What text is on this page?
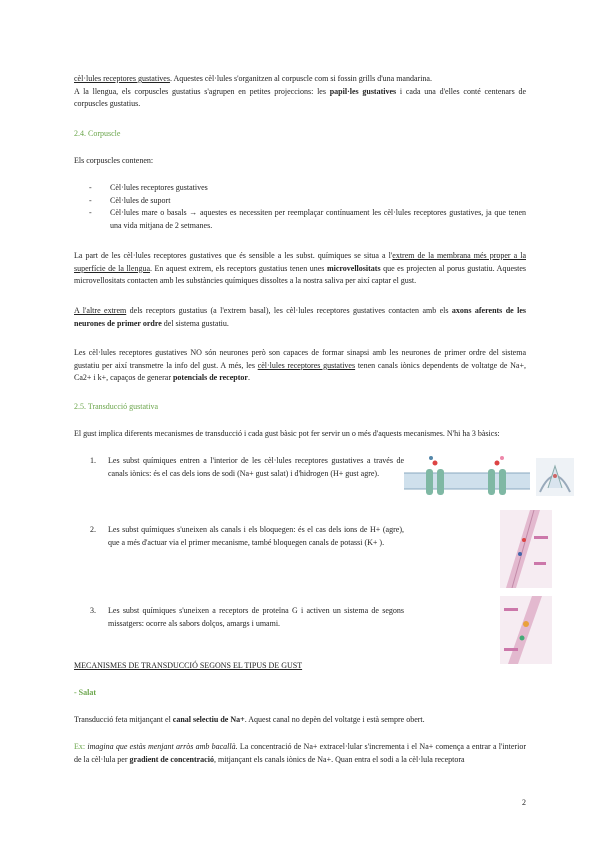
cèl·lules receptores gustatives. Aquestes cèl·lules s'organitzen al corpuscle com si fossin grills d'una mandarina.
A la llengua, els corpuscles gustatius s'agrupen en petites projeccions: les papil·les gustatives i cada una d'elles conté centenars de corpuscles gustatius.

2.4. Corpuscle

Els corpuscles contenen:

- Cèl·lules receptores gustatives
- Cèl·lules de suport
- Cèl·lules mare o basals → aquestes es necessiten per reemplaçar contínuament les cèl·lules receptores gustatives, ja que tenen una vida mitjana de 2 setmanes.

La part de les cèl·lules receptores gustatives que és sensible a les subst. químiques se situa a l'extrem de la membrana més proper a la superfície de la llengua. En aquest extrem, els receptors gustatius tenen unes microvellositats que es projecten al porus gustatiu. Aquestes microvellositats contacten amb les substàncies químiques dissoltes a la nostra saliva per així captar el gust.

A l'altre extrem dels receptors gustatius (a l'extrem basal), les cèl·lules receptores gustatives contacten amb els axons aferents de les neurones de primer ordre del sistema gustatiu.

Les cèl·lules receptores gustatives NO són neurones però son capaces de formar sinapsi amb les neurones de primer ordre del sistema gustatiu per així transmetre la info del gust. A més, les cèl·lules receptores gustatives tenen canals iònics dependents de voltatge de Na+, Ca2+ i k+, capaços de generar potencials de receptor.

2.5. Transducció gustativa

El gust implica diferents mecanismes de transducció i cada gust bàsic pot fer servir un o més d'aquests mecanismes. N'hi ha 3 bàsics:

1. Les subst químiques entren a l'interior de les cèl·lules receptores gustatives a través de canals iònics: és el cas dels ions de sodi (Na+ gust salat) i d'hidrogen (H+ gust agre).
2. Les subst químiques s'uneixen als canals i els bloquegen: és el cas dels ions de H+ (agre), que a més d'actuar via el primer mecanisme, també bloquegen canals de potassi (K+ ).
3. Les subst químiques s'uneixen a receptors de proteïna G i activen un sistema de segons missatgers: ocorre als sabors dolços, amargs i umami.

MECANISMES DE TRANSDUCCIÓ SEGONS EL TIPUS DE GUST

- Salat

Transducció feta mitjançant el canal selectiu de Na+. Aquest canal no depèn del voltatge i està sempre obert.

Ex: imagina que estàs menjant arròs amb bacallà. La concentració de Na+ extracel·lular s'incrementa i el Na+ comença a entrar a l'interior de la cèl·lula per gradient de concentració, mitjançant els canals iònics de Na+. Quan entra el sodi a la cèl·lula receptora

2
